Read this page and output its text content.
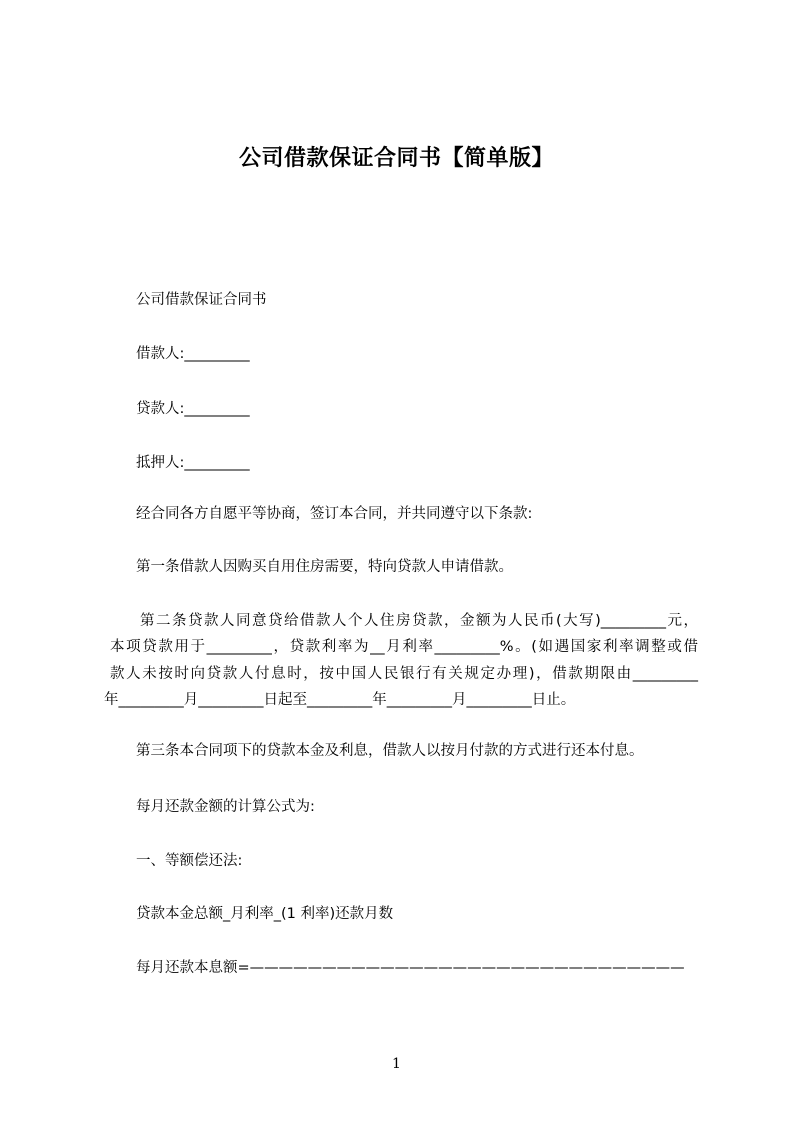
公司借款保证合同书【简单版】

公司借款保证合同书

借款人:_________

贷款人:_________

抵押人:_________

经合同各方自愿平等协商，签订本合同，并共同遵守以下条款:

第一条借款人因购买自用住房需要，特向贷款人申请借款。

第二条贷款人同意贷给借款人个人住房贷款，金额为人民币(大写)_________元，
本项贷款用于_________，贷款利率为__月利率_________%。(如遇国家利率调整或借
款人未按时向贷款人付息时，按中国人民银行有关规定办理)，借款期限由_________
年_________月_________日起至_________年_________月_________日止。

第三条本合同项下的贷款本金及利息，借款人以按月付款的方式进行还本付息。

每月还款金额的计算公式为:

一、等额偿还法:

贷款本金总额_月利率_(1 利率)还款月数

每月还款本息额=——————————————————————————————

1
